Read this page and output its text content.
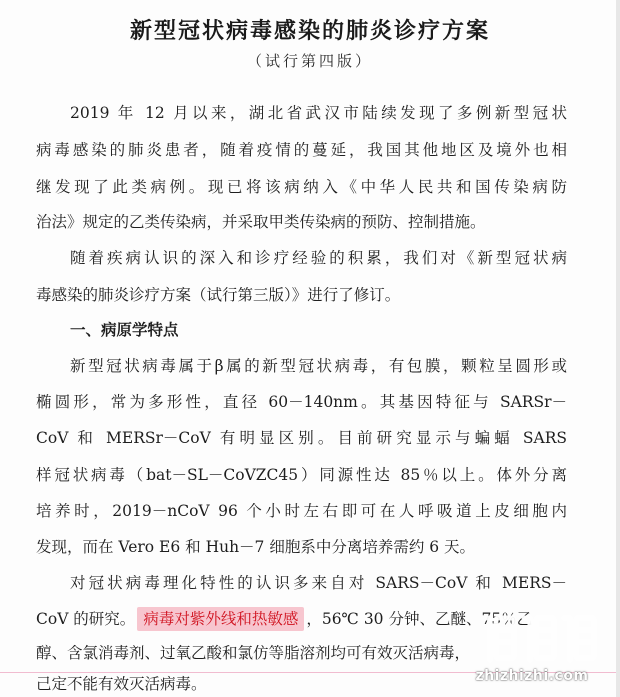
新型冠状病毒感染的肺炎诊疗方案
（试行第四版）
2019 年 12 月以来，湖北省武汉市陆续发现了多例新型冠状
病毒感染的肺炎患者，随着疫情的蔓延，我国其他地区及境外也相
继发现了此类病例。现已将该病纳入《中华人民共和国传染病防
治法》规定的乙类传染病，并采取甲类传染病的预防、控制措施。
随着疾病认识的深入和诊疗经验的积累，我们对《新型冠状病
毒感染的肺炎诊疗方案（试行第三版）》进行了修订。
一、病原学特点
新型冠状病毒属于β属的新型冠状病毒，有包膜，颗粒呈圆形或
椭圆形，常为多形性，直径 60－140nm。其基因特征与 SARSr－
CoV 和 MERSr－CoV 有明显区别。目前研究显示与蝙蝠 SARS
样冠状病毒（bat－SL－CoVZC45）同源性达 85％以上。体外分离
培养时，2019－nCoV 96 个小时左右即可在人呼吸道上皮细胞内
发现，而在 Vero E6 和 Huh－7 细胞系中分离培养需约 6 天。
对冠状病毒理化特性的认识多来自对 SARS－CoV 和 MERS－
CoV 的研究。 病毒对紫外线和热敏感 ，56℃ 30 分钟、乙醚、75％乙
醇、含氯消毒剂、过氧乙酸和氯仿等脂溶剂均可有效灭活病毒，
己定不能有效灭活病毒。	zhizhizhi.com
